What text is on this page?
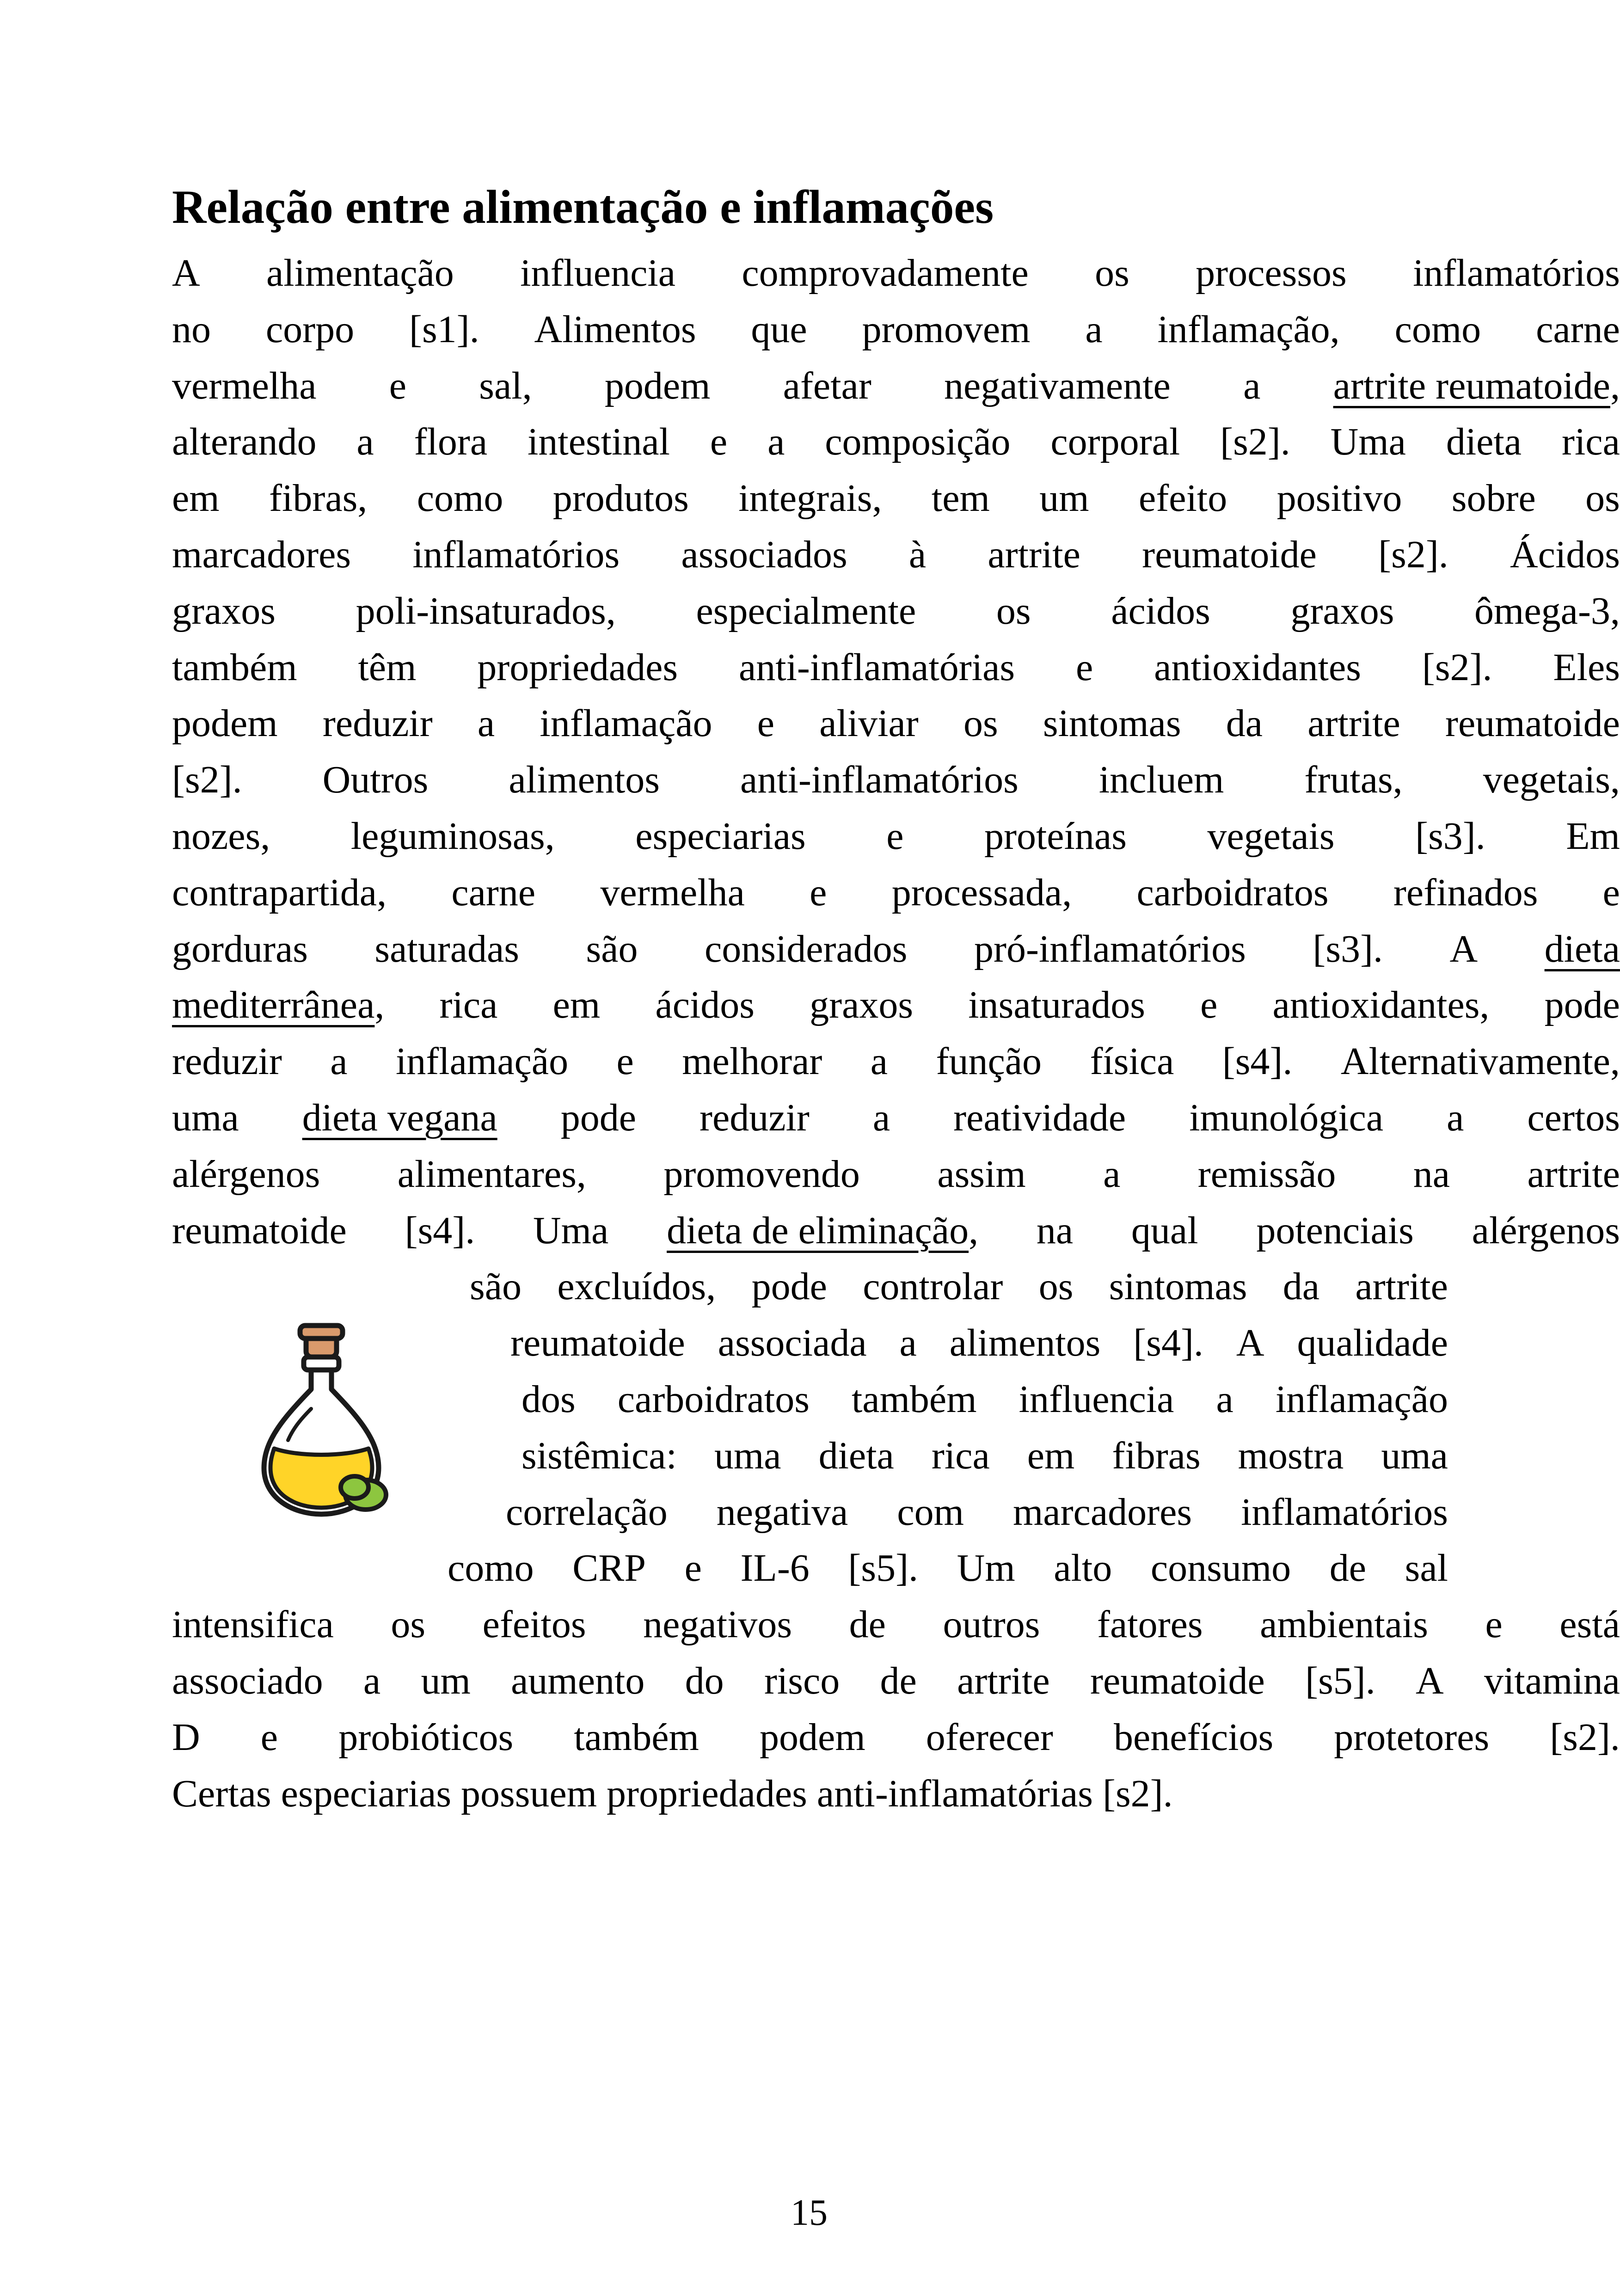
Relação entre alimentação e inflamações
A alimentação influencia comprovadamente os processos inflamatórios
no corpo [s1]. Alimentos que promovem a inflamação, como carne
vermelha e sal, podem afetar negativamente a artrite reumatoide,
alterando a flora intestinal e a composição corporal [s2]. Uma dieta rica
em fibras, como produtos integrais, tem um efeito positivo sobre os
marcadores inflamatórios associados à artrite reumatoide [s2]. Ácidos
graxos poli-insaturados, especialmente os ácidos graxos ômega-3,
também têm propriedades anti-inflamatórias e antioxidantes [s2]. Eles
podem reduzir a inflamação e aliviar os sintomas da artrite reumatoide
[s2]. Outros alimentos anti-inflamatórios incluem frutas, vegetais,
nozes, leguminosas, especiarias e proteínas vegetais [s3]. Em
contrapartida, carne vermelha e processada, carboidratos refinados e
gorduras saturadas são considerados pró-inflamatórios [s3]. A dieta
mediterrânea, rica em ácidos graxos insaturados e antioxidantes, pode
reduzir a inflamação e melhorar a função física [s4]. Alternativamente,
uma dieta vegana pode reduzir a reatividade imunológica a certos
alérgenos alimentares, promovendo assim a remissão na artrite
reumatoide [s4]. Uma dieta de eliminação, na qual potenciais alérgenos
são excluídos, pode controlar os sintomas da artrite
reumatoide associada a alimentos [s4]. A qualidade
dos carboidratos também influencia a inflamação
sistêmica: uma dieta rica em fibras mostra uma
correlação negativa com marcadores inflamatórios
como CRP e IL-6 [s5]. Um alto consumo de sal
intensifica os efeitos negativos de outros fatores ambientais e está
associado a um aumento do risco de artrite reumatoide [s5]. A vitamina
D e probióticos também podem oferecer benefícios protetores [s2].
Certas especiarias possuem propriedades anti-inflamatórias [s2].
15
